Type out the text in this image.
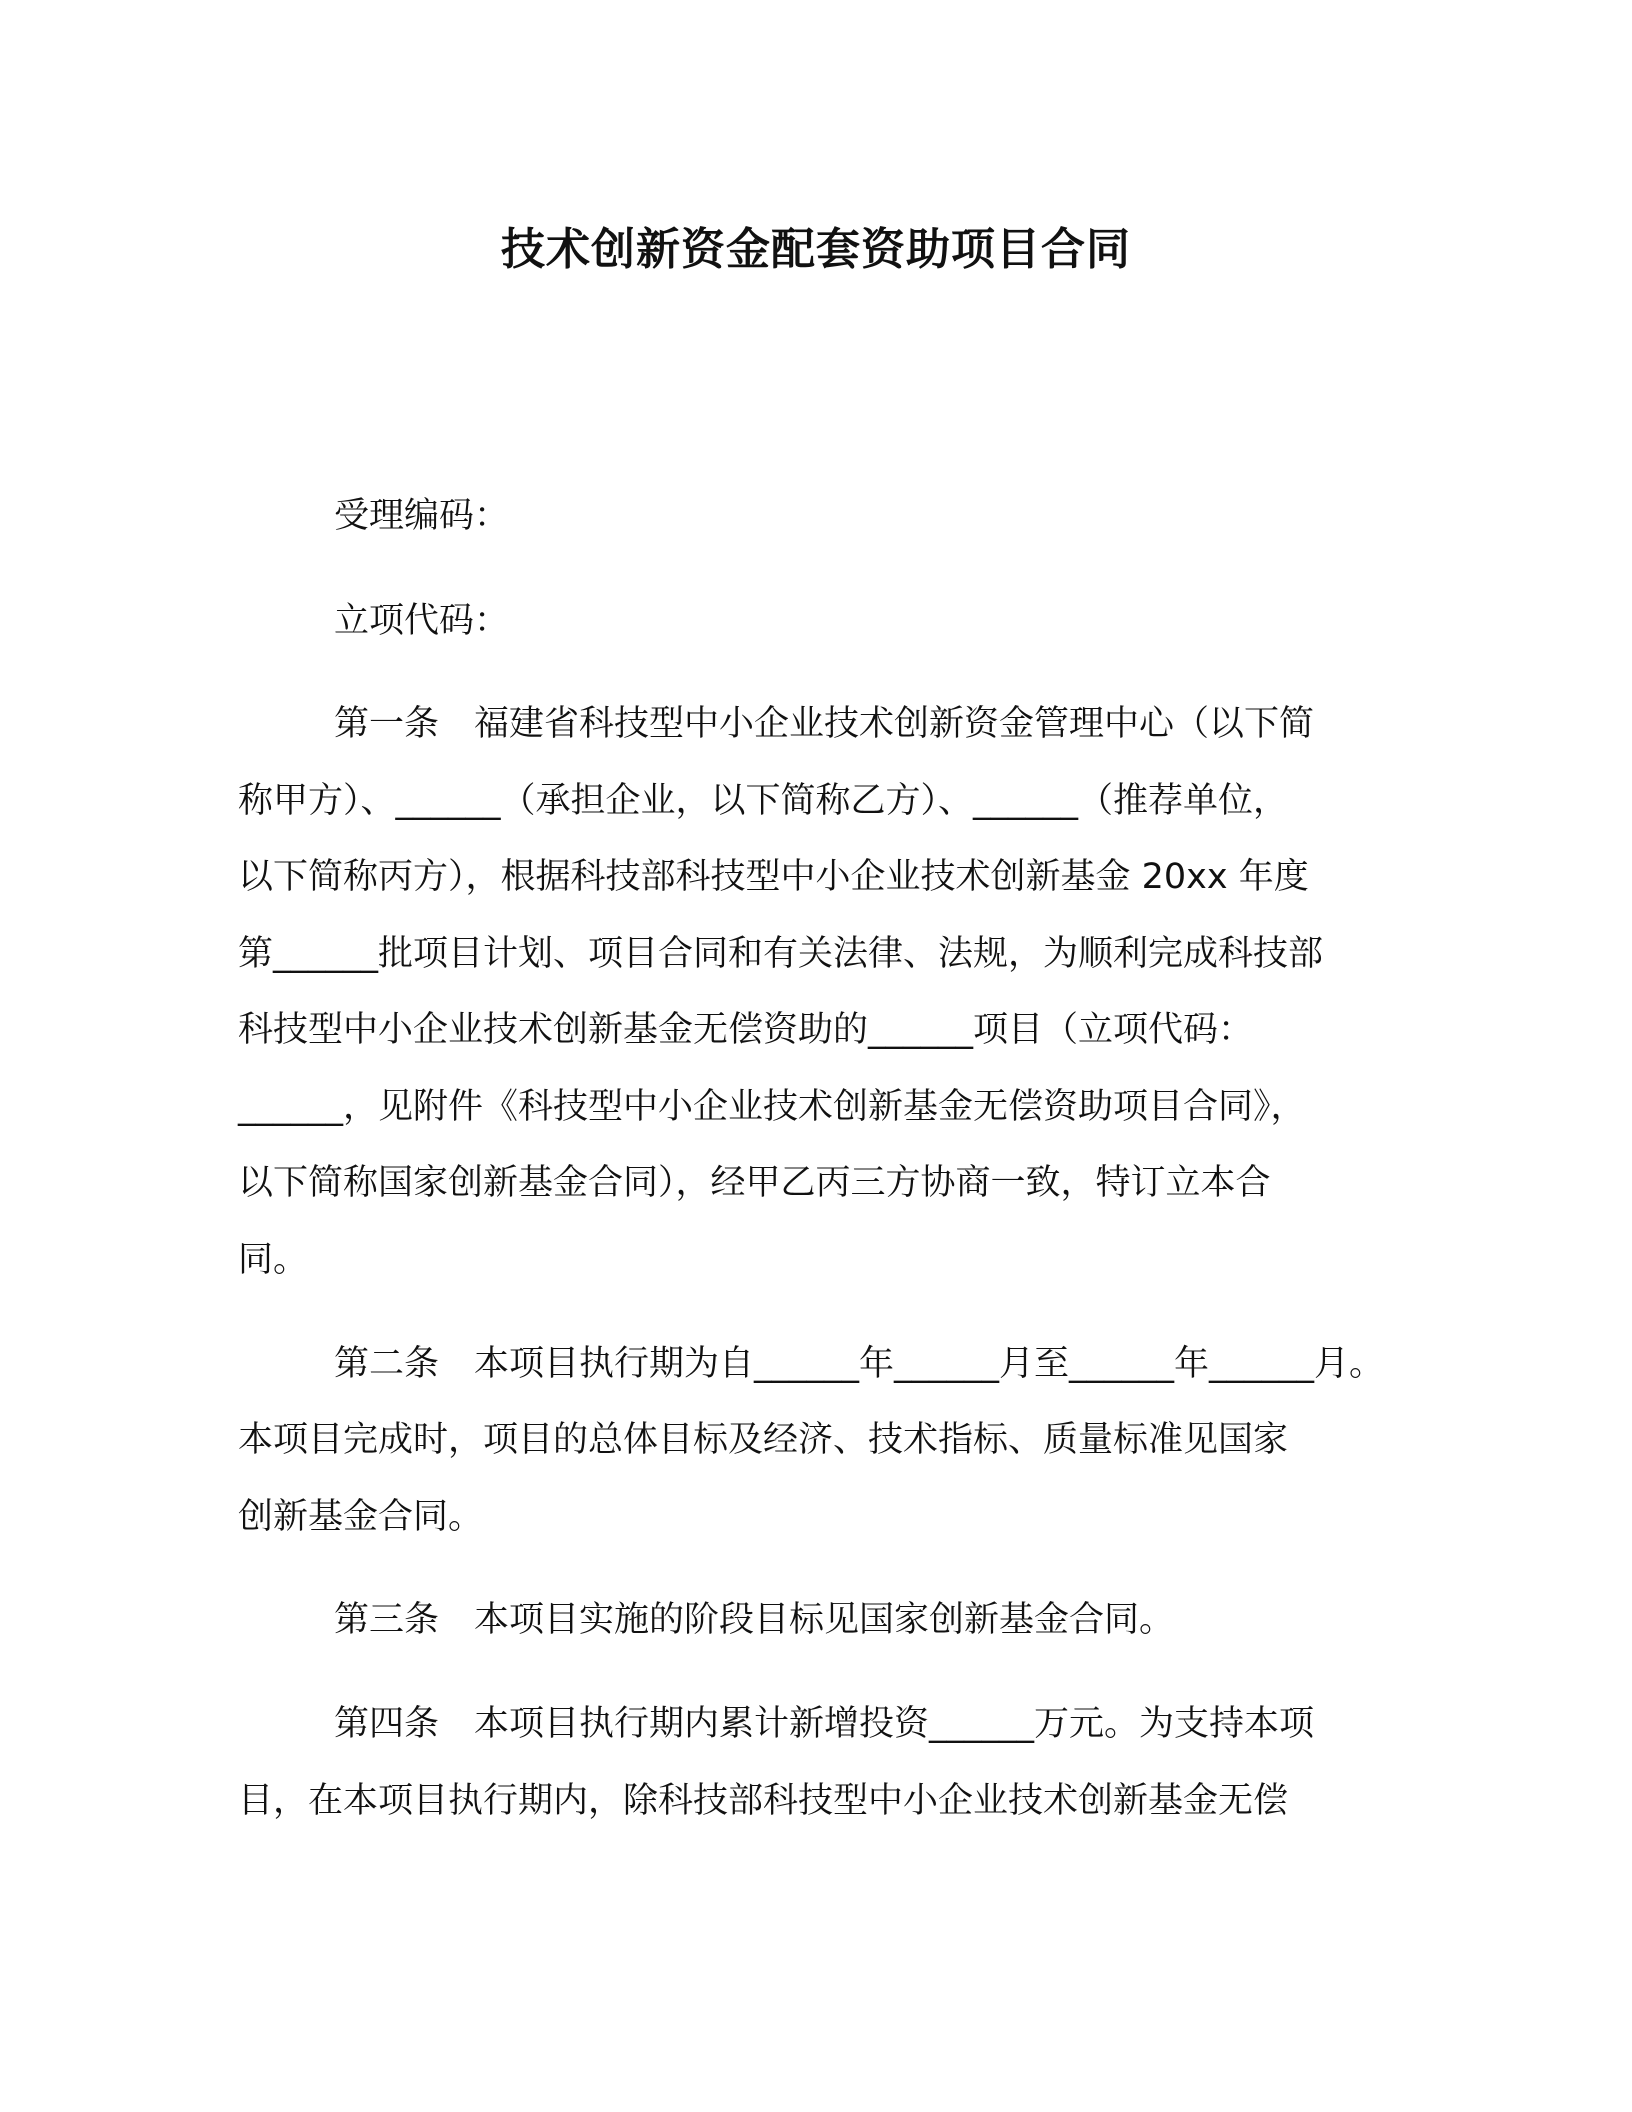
技术创新资金配套资助项目合同

受理编码：

立项代码：

第一条　福建省科技型中小企业技术创新资金管理中心（以下简

称甲方）、______（承担企业，以下简称乙方）、______（推荐单位，

以下简称丙方），根据科技部科技型中小企业技术创新基金 20xx 年度

第______批项目计划、项目合同和有关法律、法规，为顺利完成科技部

科技型中小企业技术创新基金无偿资助的______项目（立项代码：

______，见附件《科技型中小企业技术创新基金无偿资助项目合同》，

以下简称国家创新基金合同），经甲乙丙三方协商一致，特订立本合

同。

第二条　本项目执行期为自______年______月至______年______月。

本项目完成时，项目的总体目标及经济、技术指标、质量标准见国家

创新基金合同。

第三条　本项目实施的阶段目标见国家创新基金合同。

第四条　本项目执行期内累计新增投资______万元。为支持本项

目，在本项目执行期内，除科技部科技型中小企业技术创新基金无偿
